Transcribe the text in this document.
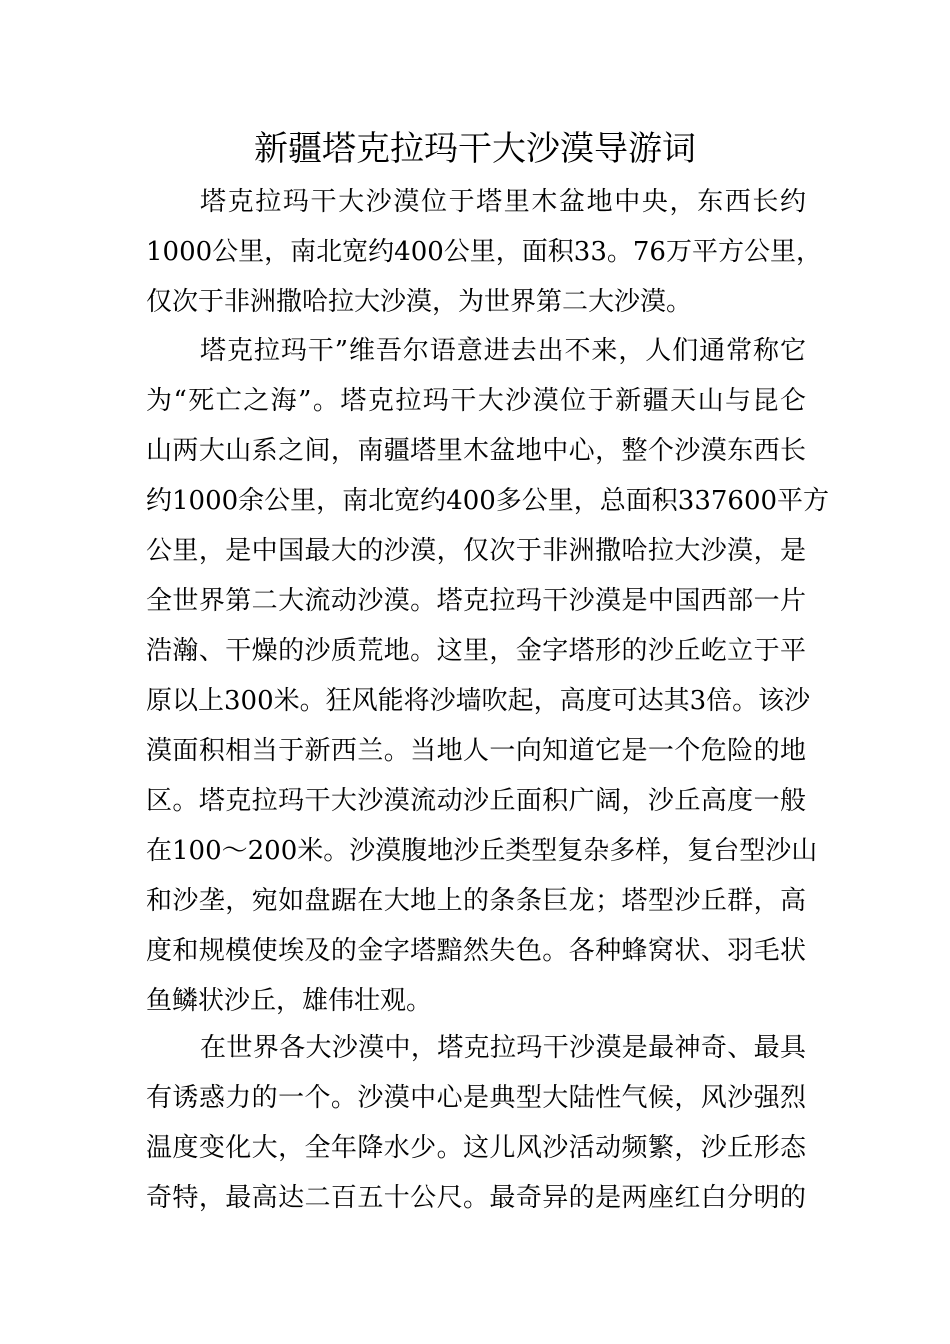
新疆塔克拉玛干大沙漠导游词
塔克拉玛干大沙漠位于塔里木盆地中央，东西长约
1000公里，南北宽约400公里，面积33。76万平方公里，
仅次于非洲撒哈拉大沙漠，为世界第二大沙漠。
塔克拉玛干”维吾尔语意进去出不来，人们通常称它
为“死亡之海”。塔克拉玛干大沙漠位于新疆天山与昆仑
山两大山系之间，南疆塔里木盆地中心，整个沙漠东西长
约1000余公里，南北宽约400多公里，总面积337600平方
公里，是中国最大的沙漠，仅次于非洲撒哈拉大沙漠，是
全世界第二大流动沙漠。塔克拉玛干沙漠是中国西部一片
浩瀚、干燥的沙质荒地。这里，金字塔形的沙丘屹立于平
原以上300米。狂风能将沙墙吹起，高度可达其3倍。该沙
漠面积相当于新西兰。当地人一向知道它是一个危险的地
区。塔克拉玛干大沙漠流动沙丘面积广阔，沙丘高度一般
在100～200米。沙漠腹地沙丘类型复杂多样，复台型沙山
和沙垄，宛如盘踞在大地上的条条巨龙；塔型沙丘群，高
度和规模使埃及的金字塔黯然失色。各种蜂窝状、羽毛状
鱼鳞状沙丘，雄伟壮观。
在世界各大沙漠中，塔克拉玛干沙漠是最神奇、最具
有诱惑力的一个。沙漠中心是典型大陆性气候，风沙强烈
温度变化大，全年降水少。这儿风沙活动频繁，沙丘形态
奇特，最高达二百五十公尺。最奇异的是两座红白分明的
